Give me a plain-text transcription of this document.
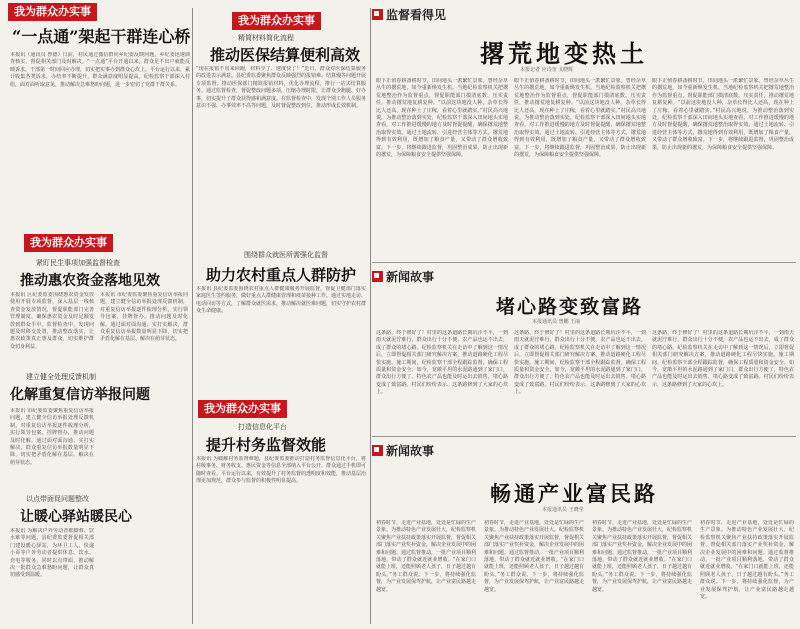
我为群众办实事
“一点通”架起干群连心桥
本报讯（通讯员 曾德）日前，村民通过微信群向乡纪委反映问题，乡纪委迅速调查核实，督促相关部门及时解决。“一点通”平台开通以来，群众足不出户就能反映诉求，干部第一时间回应办理，切实把实事办到群众心坎上。平台运行以来，累计收集各类诉求，办结率不断提升，群众满意度明显提高。纪检监察干部深入村组，面对面听取意见，推动解决急难愁盼问题，进一步密切了党群干群关系。
我为群众办实事
紧盯民生事项加强监督检查
推动惠农资金落地见效
本报讯 区纪委监委围绕惠农资金发放使用开展专项监督，深入基层一线核查资金发放情况，督促职能部门完善管理制度，确保惠农资金及时足额发放到群众手中。监督检查中，发现问题及时移交处置，推动整改落实，让惠农政策真正惠及群众，切实维护群众切身利益。
建立健全处理反馈机制
化解重复信访举报问题
本报讯 市纪委监委聚焦重复信访举报问题，建立健全信访举报处理反馈机制，对重复信访举报逐件梳理分析，实行领导包案、挂牌督办，推动问题及时化解。通过面对面沟通、实打实解决，群众重复信访举报数量明显下降，切实把矛盾化解在基层、解决在萌芽状态。
以点带面促问题整改
让暖心驿站暖民心
本报讯 为解决户外劳动者歇脚难、饮水难等问题，县纪委监委督促相关部门建设暖心驿站，为环卫工人、快递小哥等户外劳动者提供休息、饮水、充电等服务。同时以点带面，推动解决一批群众急难愁盼问题，让群众真切感受到温暖。
本报讯 市纪委监委聚焦重复信访举报问题，建立健全信访举报处理反馈机制，对重复信访举报逐件梳理分析，实行领导包案、挂牌督办，推动问题及时化解。通过面对面沟通、实打实解决，群众重复信访举报数量明显下降，切实把矛盾化解在基层、解决在萌芽状态。
我为群众办实事
精简材料简化流程
推动医保结算便利高效
“现在报销不用来回跑，材料少了、速度快了！”近日，群众对医保结算服务的改进表示满意。县纪委监委聚焦群众反映强烈的报销难、结算慢等问题开展专项监督，推动医保部门精简报销材料，优化办理流程，推行一站式结算服务。通过监督检查，督促整改问题多项，压缩办理时限，让群众少跑腿、好办事，切实提升了群众获得感和满意度。在监督检查中，发现个别工作人员服务意识不强、办事效率不高等问题，及时督促整改到位，推动形成长效机制。
围绕群众就医所需强化监督
助力农村重点人群防护
本报讯 县纪委监委围绕农村重点人群健康服务开展监督，督促卫健部门落实家庭医生签约服务，做好重点人群健康管理和疫苗接种工作。通过实地走访、电话回访等方式，了解群众就医需求，推动解决就医难问题，切实守护农村群众生命健康。
我为群众办实事
打造信息化平台
提升村务监督效能
本报讯 为破解村务监督难题，县纪委监委推动打造村务监督信息化平台，将村级事务、财务收支、惠民资金等信息全部纳入平台公开，群众通过手机即可随时查看。平台运行以来，有效提升了村务监督的透明度和效能，推动基层治理更加规范，群众参与监督的积极性明显提高。
监督看得见
撂荒地变热土
本报记者 应诗奎 戈晓辉
眼下正值春耕备耕时节，田间地头一派繁忙景象。曾经杂草丛生的撂荒地，如今重新焕发生机。当地纪检监察机关把撂荒地整治作为监督重点，督促职能部门摸清底数、压实责任，推动撂荒地复耕复种。“以前这块地没人种，杂草长得比人还高，现在种上了庄稼，看着心里就踏实。”村民高兴地说。为推动整治落到实处，纪检监察干部深入田间地头实地查看，对工作推进缓慢的地方及时督促提醒，确保撂荒地整治取得实效。通过土地流转、引进经营主体等方式，撂荒地得到有效利用，既增加了粮食产量，又带动了群众增收致富。下一步，将继续跟进监督，巩固整治成果，防止出现新的撂荒，为保障粮食安全提供坚强保障。
眼下正值春耕备耕时节，田间地头一派繁忙景象。曾经杂草丛生的撂荒地，如今重新焕发生机。当地纪检监察机关把撂荒地整治作为监督重点，督促职能部门摸清底数、压实责任，推动撂荒地复耕复种。“以前这块地没人种，杂草长得比人还高，现在种上了庄稼，看着心里就踏实。”村民高兴地说。为推动整治落到实处，纪检监察干部深入田间地头实地查看，对工作推进缓慢的地方及时督促提醒，确保撂荒地整治取得实效。通过土地流转、引进经营主体等方式，撂荒地得到有效利用，既增加了粮食产量，又带动了群众增收致富。下一步，将继续跟进监督，巩固整治成果，防止出现新的撂荒，为保障粮食安全提供坚强保障。
眼下正值春耕备耕时节，田间地头一派繁忙景象。曾经杂草丛生的撂荒地，如今重新焕发生机。当地纪检监察机关把撂荒地整治作为监督重点，督促职能部门摸清底数、压实责任，推动撂荒地复耕复种。“以前这块地没人种，杂草长得比人还高，现在种上了庄稼，看着心里就踏实。”村民高兴地说。为推动整治落到实处，纪检监察干部深入田间地头实地查看，对工作推进缓慢的地方及时督促提醒，确保撂荒地整治取得实效。通过土地流转、引进经营主体等方式，撂荒地得到有效利用，既增加了粮食产量，又带动了群众增收致富。下一步，将继续跟进监督，巩固整治成果，防止出现新的撂荒，为保障粮食安全提供坚强保障。
新闻故事
堵心路变致富路
本报通讯员 曾鹏 王丽
这条路，终于修好了！村里的这条道路长期坑洼不平，一到雨天就泥泞难行，群众出行十分不便，农产品也运不出去，成了群众的堵心路。纪检监察机关在走访中了解到这一情况后，立即督促相关部门研究解决方案，推动道路硬化工程尽快实施。施工期间，纪检监察干部全程跟踪监督，确保工程质量和资金安全。如今，宽敞平坦的水泥路通到了家门口，群众出行方便了，特色农产品也能及时运出去销售，堵心路变成了致富路。村民们纷纷表示，这条路修到了大家的心坎上。
这条路，终于修好了！村里的这条道路长期坑洼不平，一到雨天就泥泞难行，群众出行十分不便，农产品也运不出去，成了群众的堵心路。纪检监察机关在走访中了解到这一情况后，立即督促相关部门研究解决方案，推动道路硬化工程尽快实施。施工期间，纪检监察干部全程跟踪监督，确保工程质量和资金安全。如今，宽敞平坦的水泥路通到了家门口，群众出行方便了，特色农产品也能及时运出去销售，堵心路变成了致富路。村民们纷纷表示，这条路修到了大家的心坎上。
这条路，终于修好了！村里的这条道路长期坑洼不平，一到雨天就泥泞难行，群众出行十分不便，农产品也运不出去，成了群众的堵心路。纪检监察机关在走访中了解到这一情况后，立即督促相关部门研究解决方案，推动道路硬化工程尽快实施。施工期间，纪检监察干部全程跟踪监督，确保工程质量和资金安全。如今，宽敞平坦的水泥路通到了家门口，群众出行方便了，特色农产品也能及时运出去销售，堵心路变成了致富路。村民们纷纷表示，这条路修到了大家的心坎上。
新闻故事
畅通产业富民路
本报通讯员 王晓莹
初春时节，走进产业基地，处处是忙碌的生产景象。为推动特色产业发展壮大，纪检监察机关聚焦产业扶持政策落实开展监督，督促相关部门落实产业奖补资金，解决企业发展中的困难和问题。通过监督推动，一批产业项目顺利落地，带动了群众就近就业增收。“在家门口就能上班，还能照顾老人孩子，日子越过越有盼头。”务工群众说。下一步，将持续强化监督，为产业发展保驾护航，让产业富民路越走越宽。
初春时节，走进产业基地，处处是忙碌的生产景象。为推动特色产业发展壮大，纪检监察机关聚焦产业扶持政策落实开展监督，督促相关部门落实产业奖补资金，解决企业发展中的困难和问题。通过监督推动，一批产业项目顺利落地，带动了群众就近就业增收。“在家门口就能上班，还能照顾老人孩子，日子越过越有盼头。”务工群众说。下一步，将持续强化监督，为产业发展保驾护航，让产业富民路越走越宽。
初春时节，走进产业基地，处处是忙碌的生产景象。为推动特色产业发展壮大，纪检监察机关聚焦产业扶持政策落实开展监督，督促相关部门落实产业奖补资金，解决企业发展中的困难和问题。通过监督推动，一批产业项目顺利落地，带动了群众就近就业增收。“在家门口就能上班，还能照顾老人孩子，日子越过越有盼头。”务工群众说。下一步，将持续强化监督，为产业发展保驾护航，让产业富民路越走越宽。
初春时节，走进产业基地，处处是忙碌的生产景象。为推动特色产业发展壮大，纪检监察机关聚焦产业扶持政策落实开展监督，督促相关部门落实产业奖补资金，解决企业发展中的困难和问题。通过监督推动，一批产业项目顺利落地，带动了群众就近就业增收。“在家门口就能上班，还能照顾老人孩子，日子越过越有盼头。”务工群众说。下一步，将持续强化监督，为产业发展保驾护航，让产业富民路越走越宽。
